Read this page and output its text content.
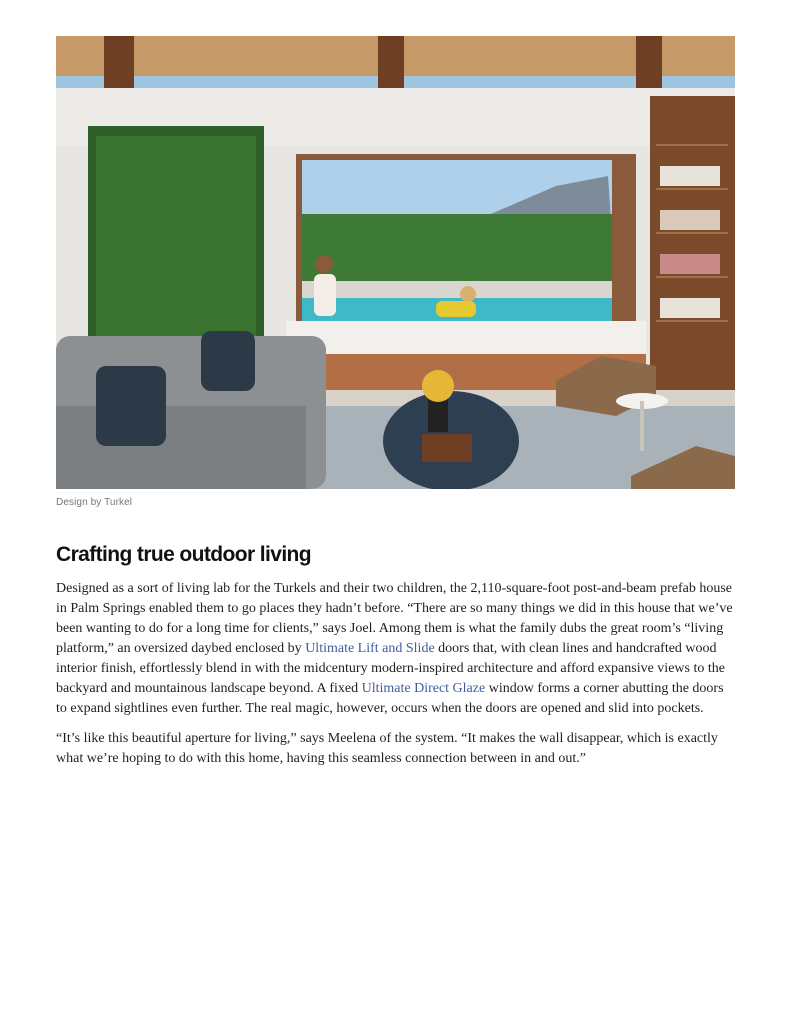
Design by Turkel
Crafting true outdoor living

Designed as a sort of living lab for the Turkels and their two children, the 2,110-square-foot post-and-beam prefab house in Palm Springs enabled them to go places they hadn’t before. “There are so many things we did in this house that we’ve been wanting to do for a long time for clients,” says Joel. Among them is what the family dubs the great room’s “living platform,” an oversized daybed enclosed by Ultimate Lift and Slide doors that, with clean lines and handcrafted wood interior finish, effortlessly blend in with the midcentury modern-inspired architecture and afford expansive views to the backyard and mountainous landscape beyond. A fixed Ultimate Direct Glaze window forms a corner abutting the doors to expand sightlines even further. The real magic, however, occurs when the doors are opened and slid into pockets.

“It’s like this beautiful aperture for living,” says Meelena of the system. “It makes the wall disappear, which is exactly what we’re hoping to do with this home, having this seamless connection between in and out.”
